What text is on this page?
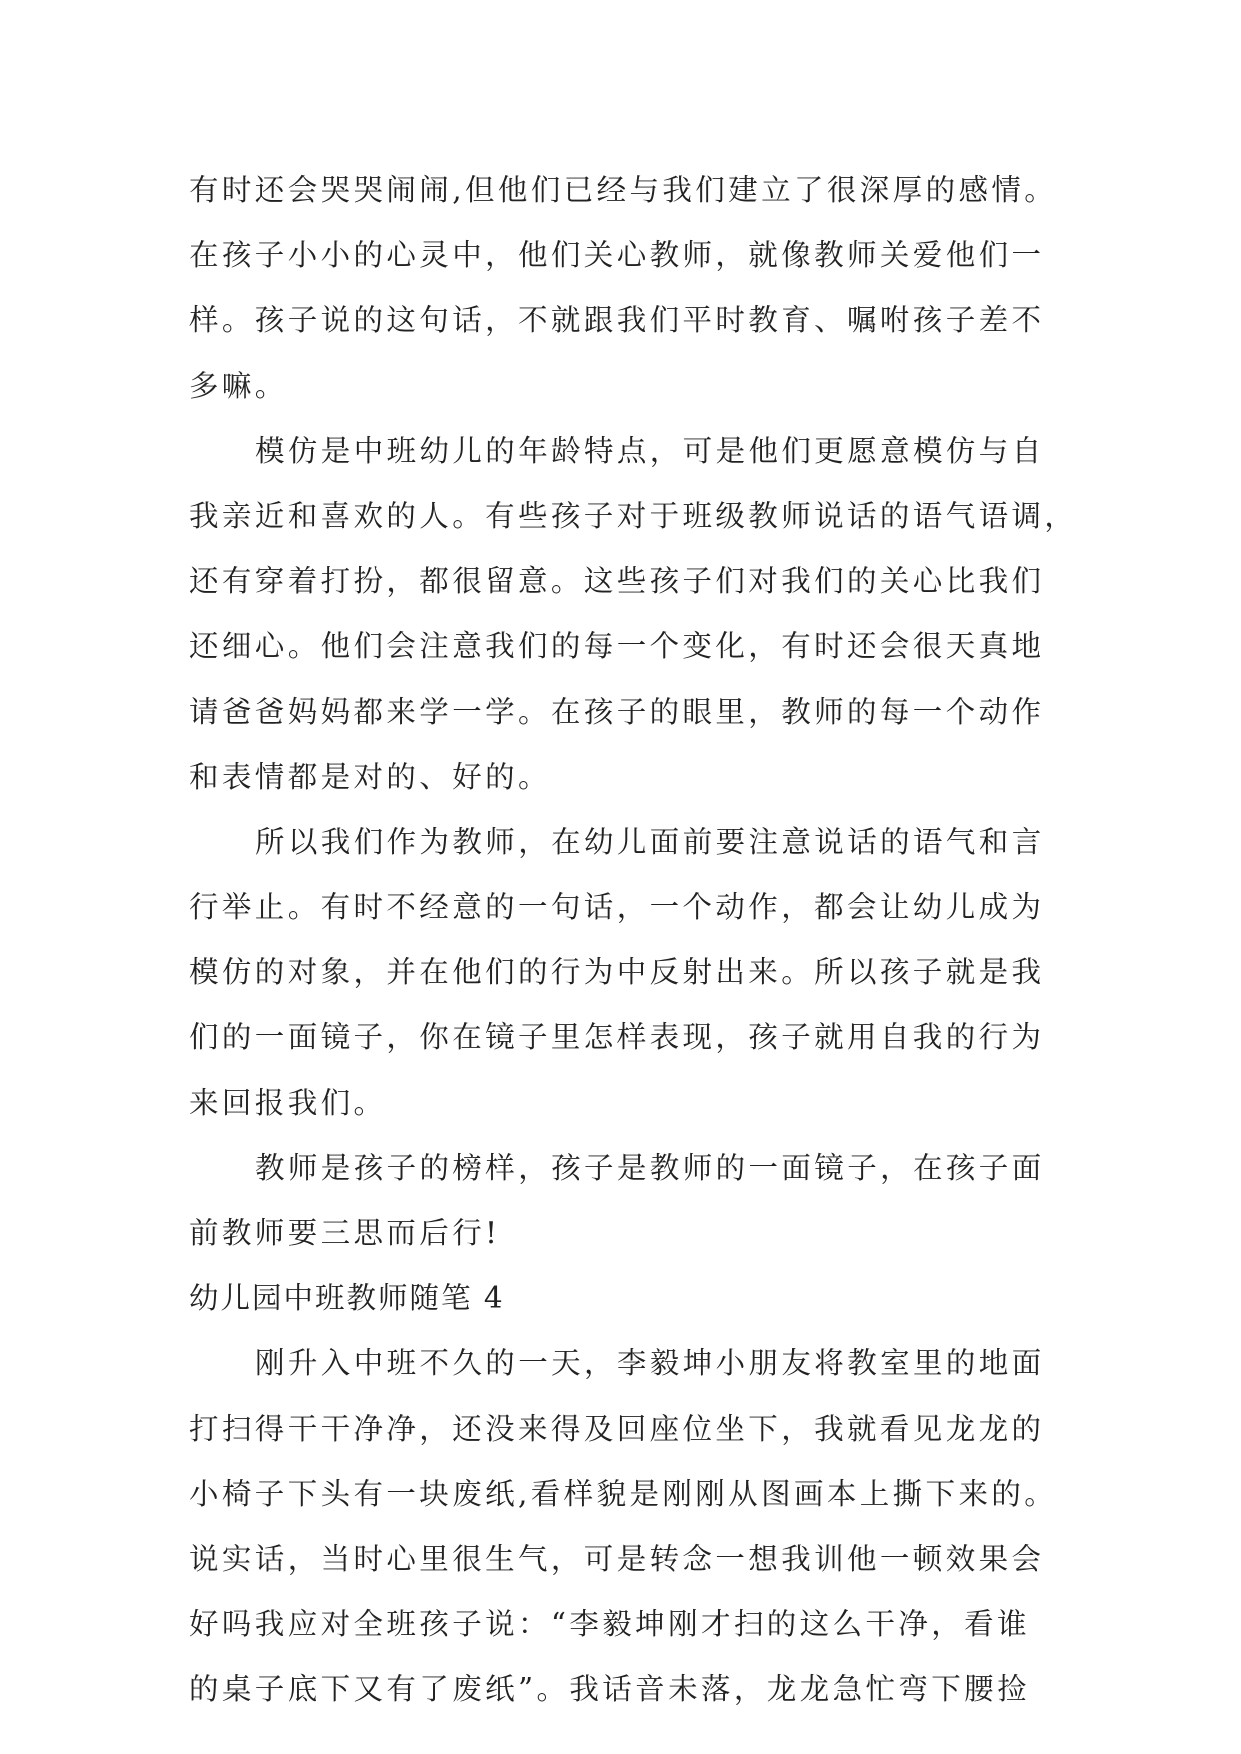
有时还会哭哭闹闹,但他们已经与我们建立了很深厚的感情。
在孩子小小的心灵中，他们关心教师，就像教师关爱他们一
样。孩子说的这句话，不就跟我们平时教育、嘱咐孩子差不
多嘛。
模仿是中班幼儿的年龄特点，可是他们更愿意模仿与自
我亲近和喜欢的人。有些孩子对于班级教师说话的语气语调，
还有穿着打扮，都很留意。这些孩子们对我们的关心比我们
还细心。他们会注意我们的每一个变化，有时还会很天真地
请爸爸妈妈都来学一学。在孩子的眼里，教师的每一个动作
和表情都是对的、好的。
所以我们作为教师，在幼儿面前要注意说话的语气和言
行举止。有时不经意的一句话，一个动作，都会让幼儿成为
模仿的对象，并在他们的行为中反射出来。所以孩子就是我
们的一面镜子，你在镜子里怎样表现，孩子就用自我的行为
来回报我们。
教师是孩子的榜样，孩子是教师的一面镜子，在孩子面
前教师要三思而后行!
幼儿园中班教师随笔 4
刚升入中班不久的一天，李毅坤小朋友将教室里的地面
打扫得干干净净，还没来得及回座位坐下，我就看见龙龙的
小椅子下头有一块废纸,看样貌是刚刚从图画本上撕下来的。
说实话，当时心里很生气，可是转念一想我训他一顿效果会
好吗我应对全班孩子说：“李毅坤刚才扫的这么干净，看谁
的桌子底下又有了废纸”。我话音未落，龙龙急忙弯下腰捡
